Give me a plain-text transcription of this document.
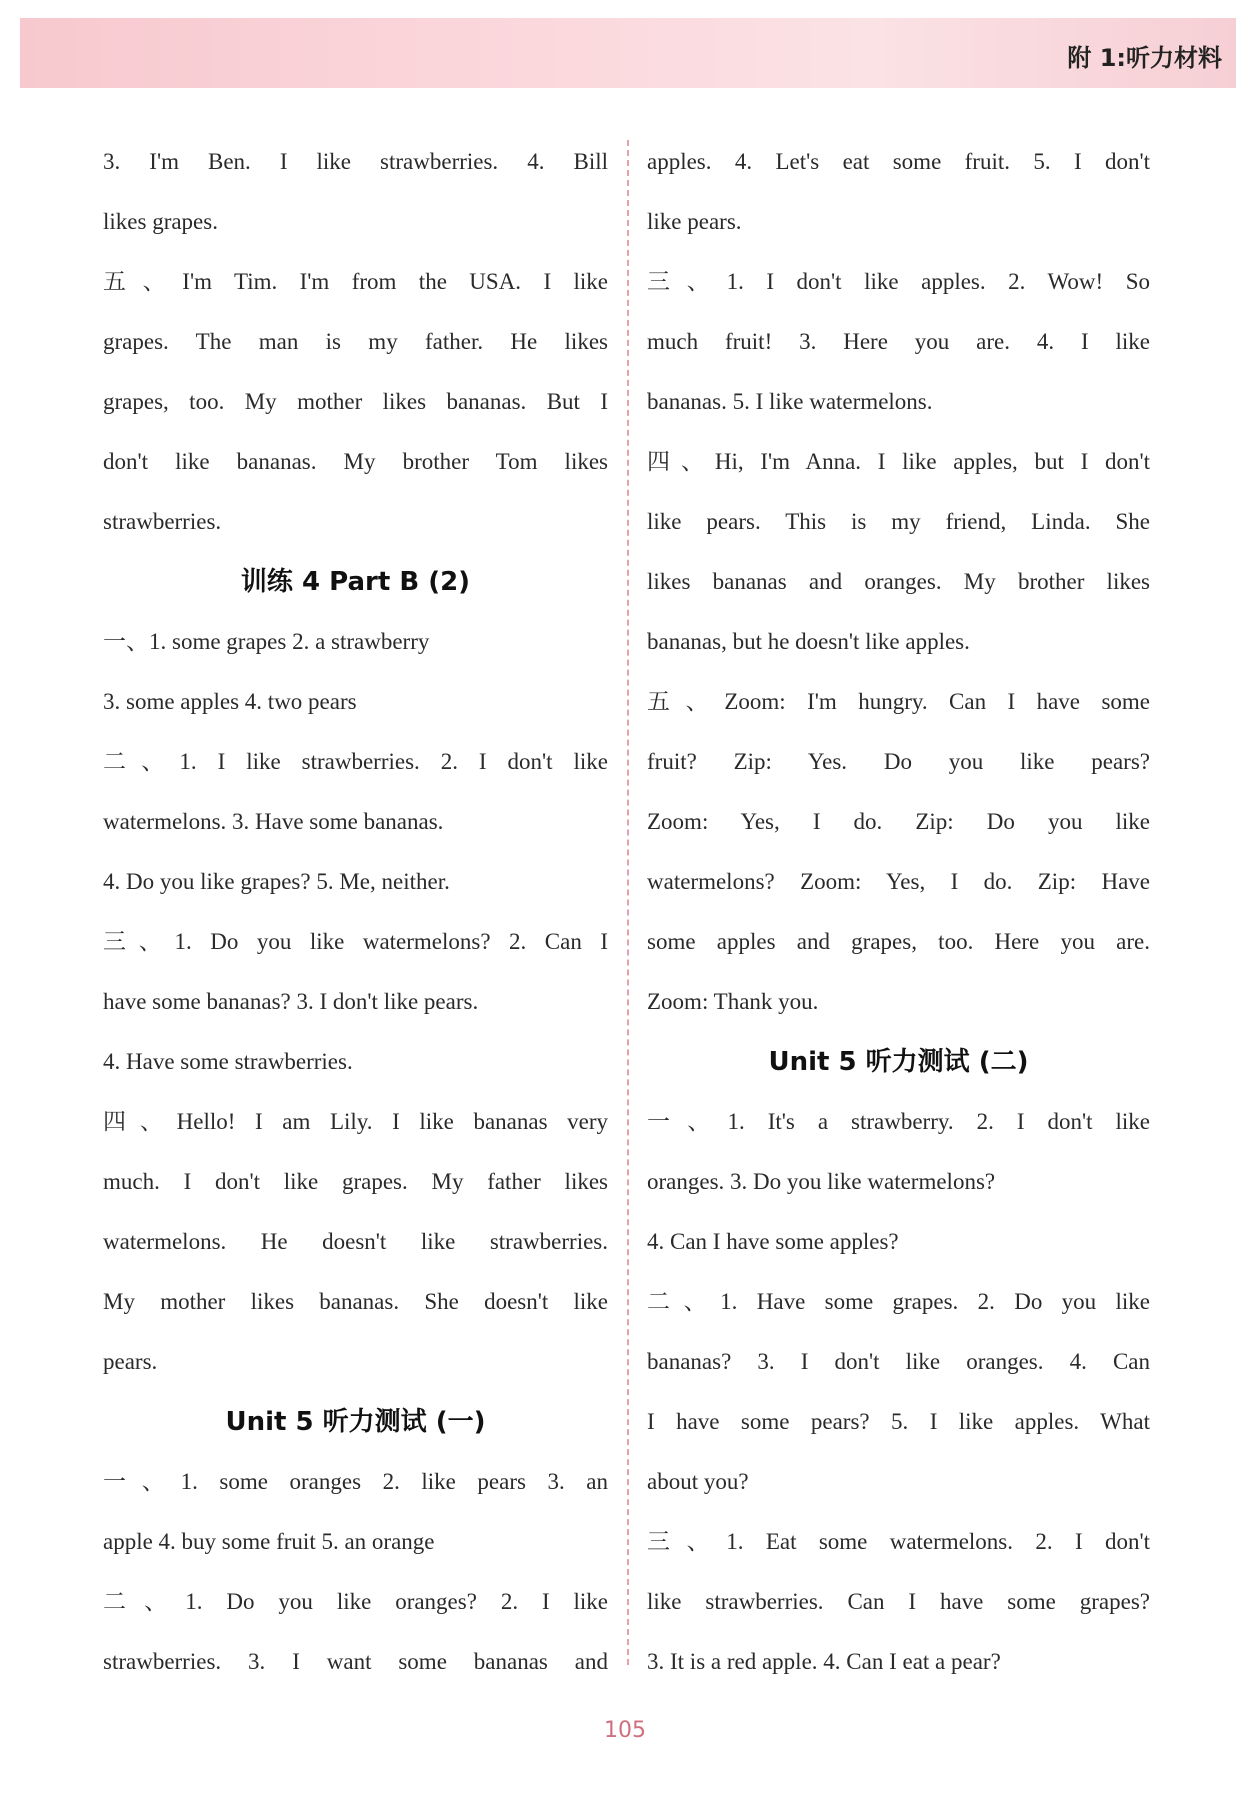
附 1:听力材料
3. I'm Ben. I like strawberries. 4. Bill
likes grapes.
五、I'm Tim. I'm from the USA. I like
grapes. The man is my father. He likes
grapes, too. My mother likes bananas. But I
don't like bananas. My brother Tom likes
strawberries.
训练 4 Part B (2)
一、1. some grapes 2. a strawberry
3. some apples 4. two pears
二、1. I like strawberries. 2. I don't like
watermelons. 3. Have some bananas.
4. Do you like grapes? 5. Me, neither.
三、1. Do you like watermelons? 2. Can I
have some bananas? 3. I don't like pears.
4. Have some strawberries.
四、Hello! I am Lily. I like bananas very
much. I don't like grapes. My father likes
watermelons. He doesn't like strawberries.
My mother likes bananas. She doesn't like
pears.
Unit 5 听力测试 (一)
一、1. some oranges 2. like pears 3. an
apple 4. buy some fruit 5. an orange
二、1. Do you like oranges? 2. I like
strawberries. 3. I want some bananas and
apples. 4. Let's eat some fruit. 5. I don't
like pears.
三、1. I don't like apples. 2. Wow! So
much fruit! 3. Here you are. 4. I like
bananas. 5. I like watermelons.
四、Hi, I'm Anna. I like apples, but I don't
like pears. This is my friend, Linda. She
likes bananas and oranges. My brother likes
bananas, but he doesn't like apples.
五、Zoom: I'm hungry. Can I have some
fruit? Zip: Yes. Do you like pears?
Zoom: Yes, I do. Zip: Do you like
watermelons? Zoom: Yes, I do. Zip: Have
some apples and grapes, too. Here you are.
Zoom: Thank you.
Unit 5 听力测试 (二)
一、1. It's a strawberry. 2. I don't like
oranges. 3. Do you like watermelons?
4. Can I have some apples?
二、1. Have some grapes. 2. Do you like
bananas? 3. I don't like oranges. 4. Can
I have some pears? 5. I like apples. What
about you?
三、1. Eat some watermelons. 2. I don't
like strawberries. Can I have some grapes?
3. It is a red apple. 4. Can I eat a pear?
105
